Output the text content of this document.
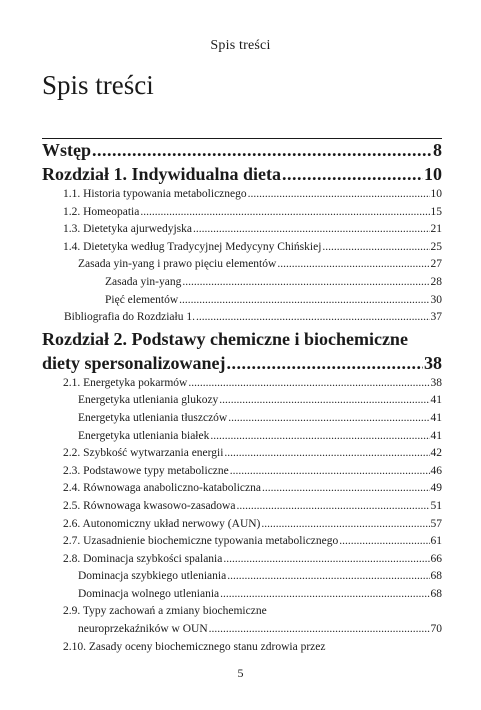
Spis treści
Spis treści
Wstęp .....	8
Rozdział 1. Indywidualna dieta .....	10
1.1. Historia typowania metabolicznego .....	10
1.2. Homeopatia .....	15
1.3. Dietetyka ajurwedyjska .....	21
1.4. Dietetyka według Tradycyjnej Medycyny Chińskiej .....	25
Zasada yin-yang i prawo pięciu elementów .....	27
Zasada yin-yang .....	28
Pięć elementów .....	30
Bibliografia do Rozdziału 1. .....	37
Rozdział 2. Podstawy chemiczne i biochemiczne
diety spersonalizowanej .....	38
2.1. Energetyka pokarmów .....	38
Energetyka utleniania glukozy .....	41
Energetyka utleniania tłuszczów .....	41
Energetyka utleniania białek .....	41
2.2. Szybkość wytwarzania energii .....	42
2.3. Podstawowe typy metaboliczne .....	46
2.4. Równowaga anaboliczno-kataboliczna .....	49
2.5. Równowaga kwasowo-zasadowa .....	51
2.6. Autonomiczny układ nerwowy (AUN) .....	57
2.7. Uzasadnienie biochemiczne typowania metabolicznego .....	61
2.8. Dominacja szybkości spalania .....	66
Dominacja szybkiego utleniania .....	68
Dominacja wolnego utleniania .....	68
2.9. Typy zachowań a zmiany biochemiczne
neuroprzekaźników w OUN .....	70
2.10. Zasady oceny biochemicznego stanu zdrowia przez
5
